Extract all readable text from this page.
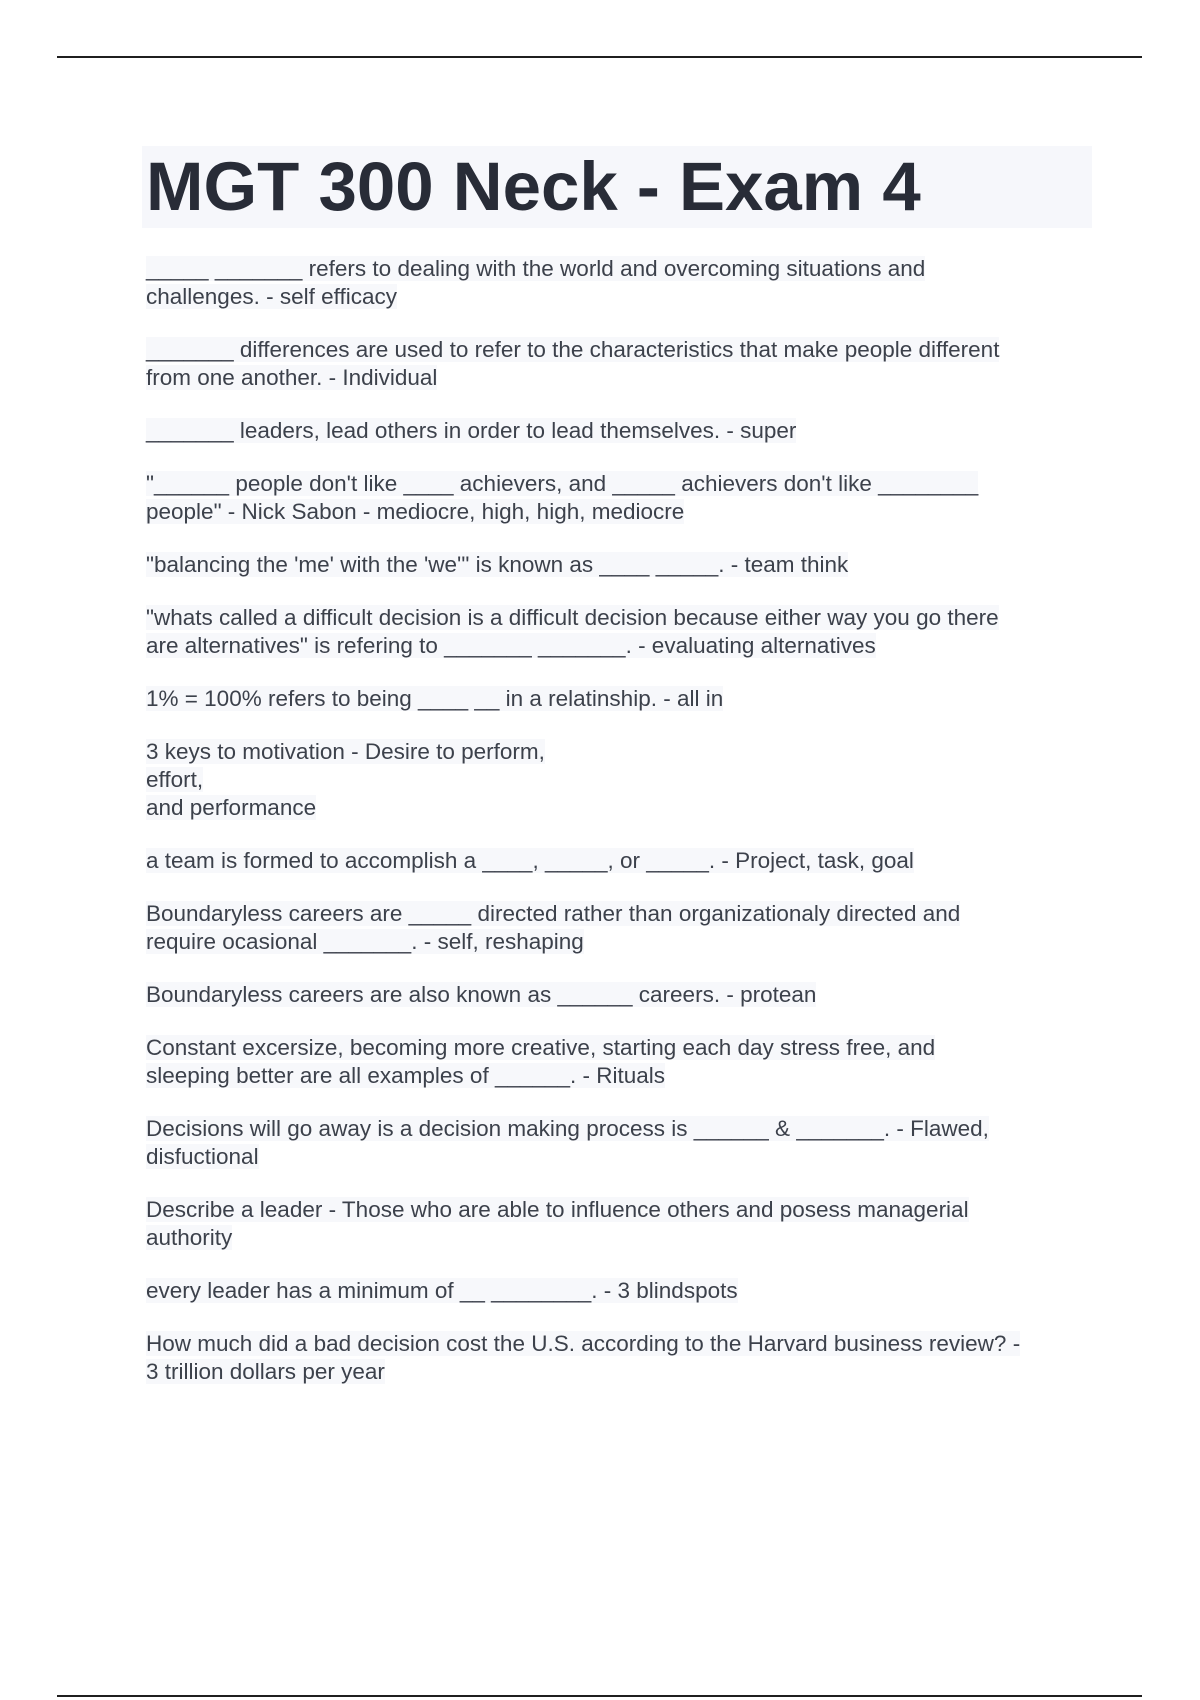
MGT 300 Neck - Exam 4

_____ _______ refers to dealing with the world and overcoming situations and
challenges. - self efficacy

_______ differences are used to refer to the characteristics that make people different
from one another. - Individual

_______ leaders, lead others in order to lead themselves. - super

"______ people don't like ____ achievers, and _____ achievers don't like ________
people" - Nick Sabon - mediocre, high, high, mediocre

"balancing the 'me' with the 'we'" is known as ____ _____. - team think

"whats called a difficult decision is a difficult decision because either way you go there
are alternatives" is refering to _______ _______. - evaluating alternatives

1% = 100% refers to being ____ __ in a relatinship. - all in

3 keys to motivation - Desire to perform,
effort,
and performance

a team is formed to accomplish a ____, _____, or _____. - Project, task, goal

Boundaryless careers are _____ directed rather than organizationaly directed and
require ocasional _______. - self, reshaping

Boundaryless careers are also known as ______ careers. - protean

Constant excersize, becoming more creative, starting each day stress free, and
sleeping better are all examples of ______. - Rituals

Decisions will go away is a decision making process is ______ & _______. - Flawed,
disfuctional

Describe a leader - Those who are able to influence others and posess managerial
authority

every leader has a minimum of __ ________. - 3 blindspots

How much did a bad decision cost the U.S. according to the Harvard business review? -
3 trillion dollars per year
